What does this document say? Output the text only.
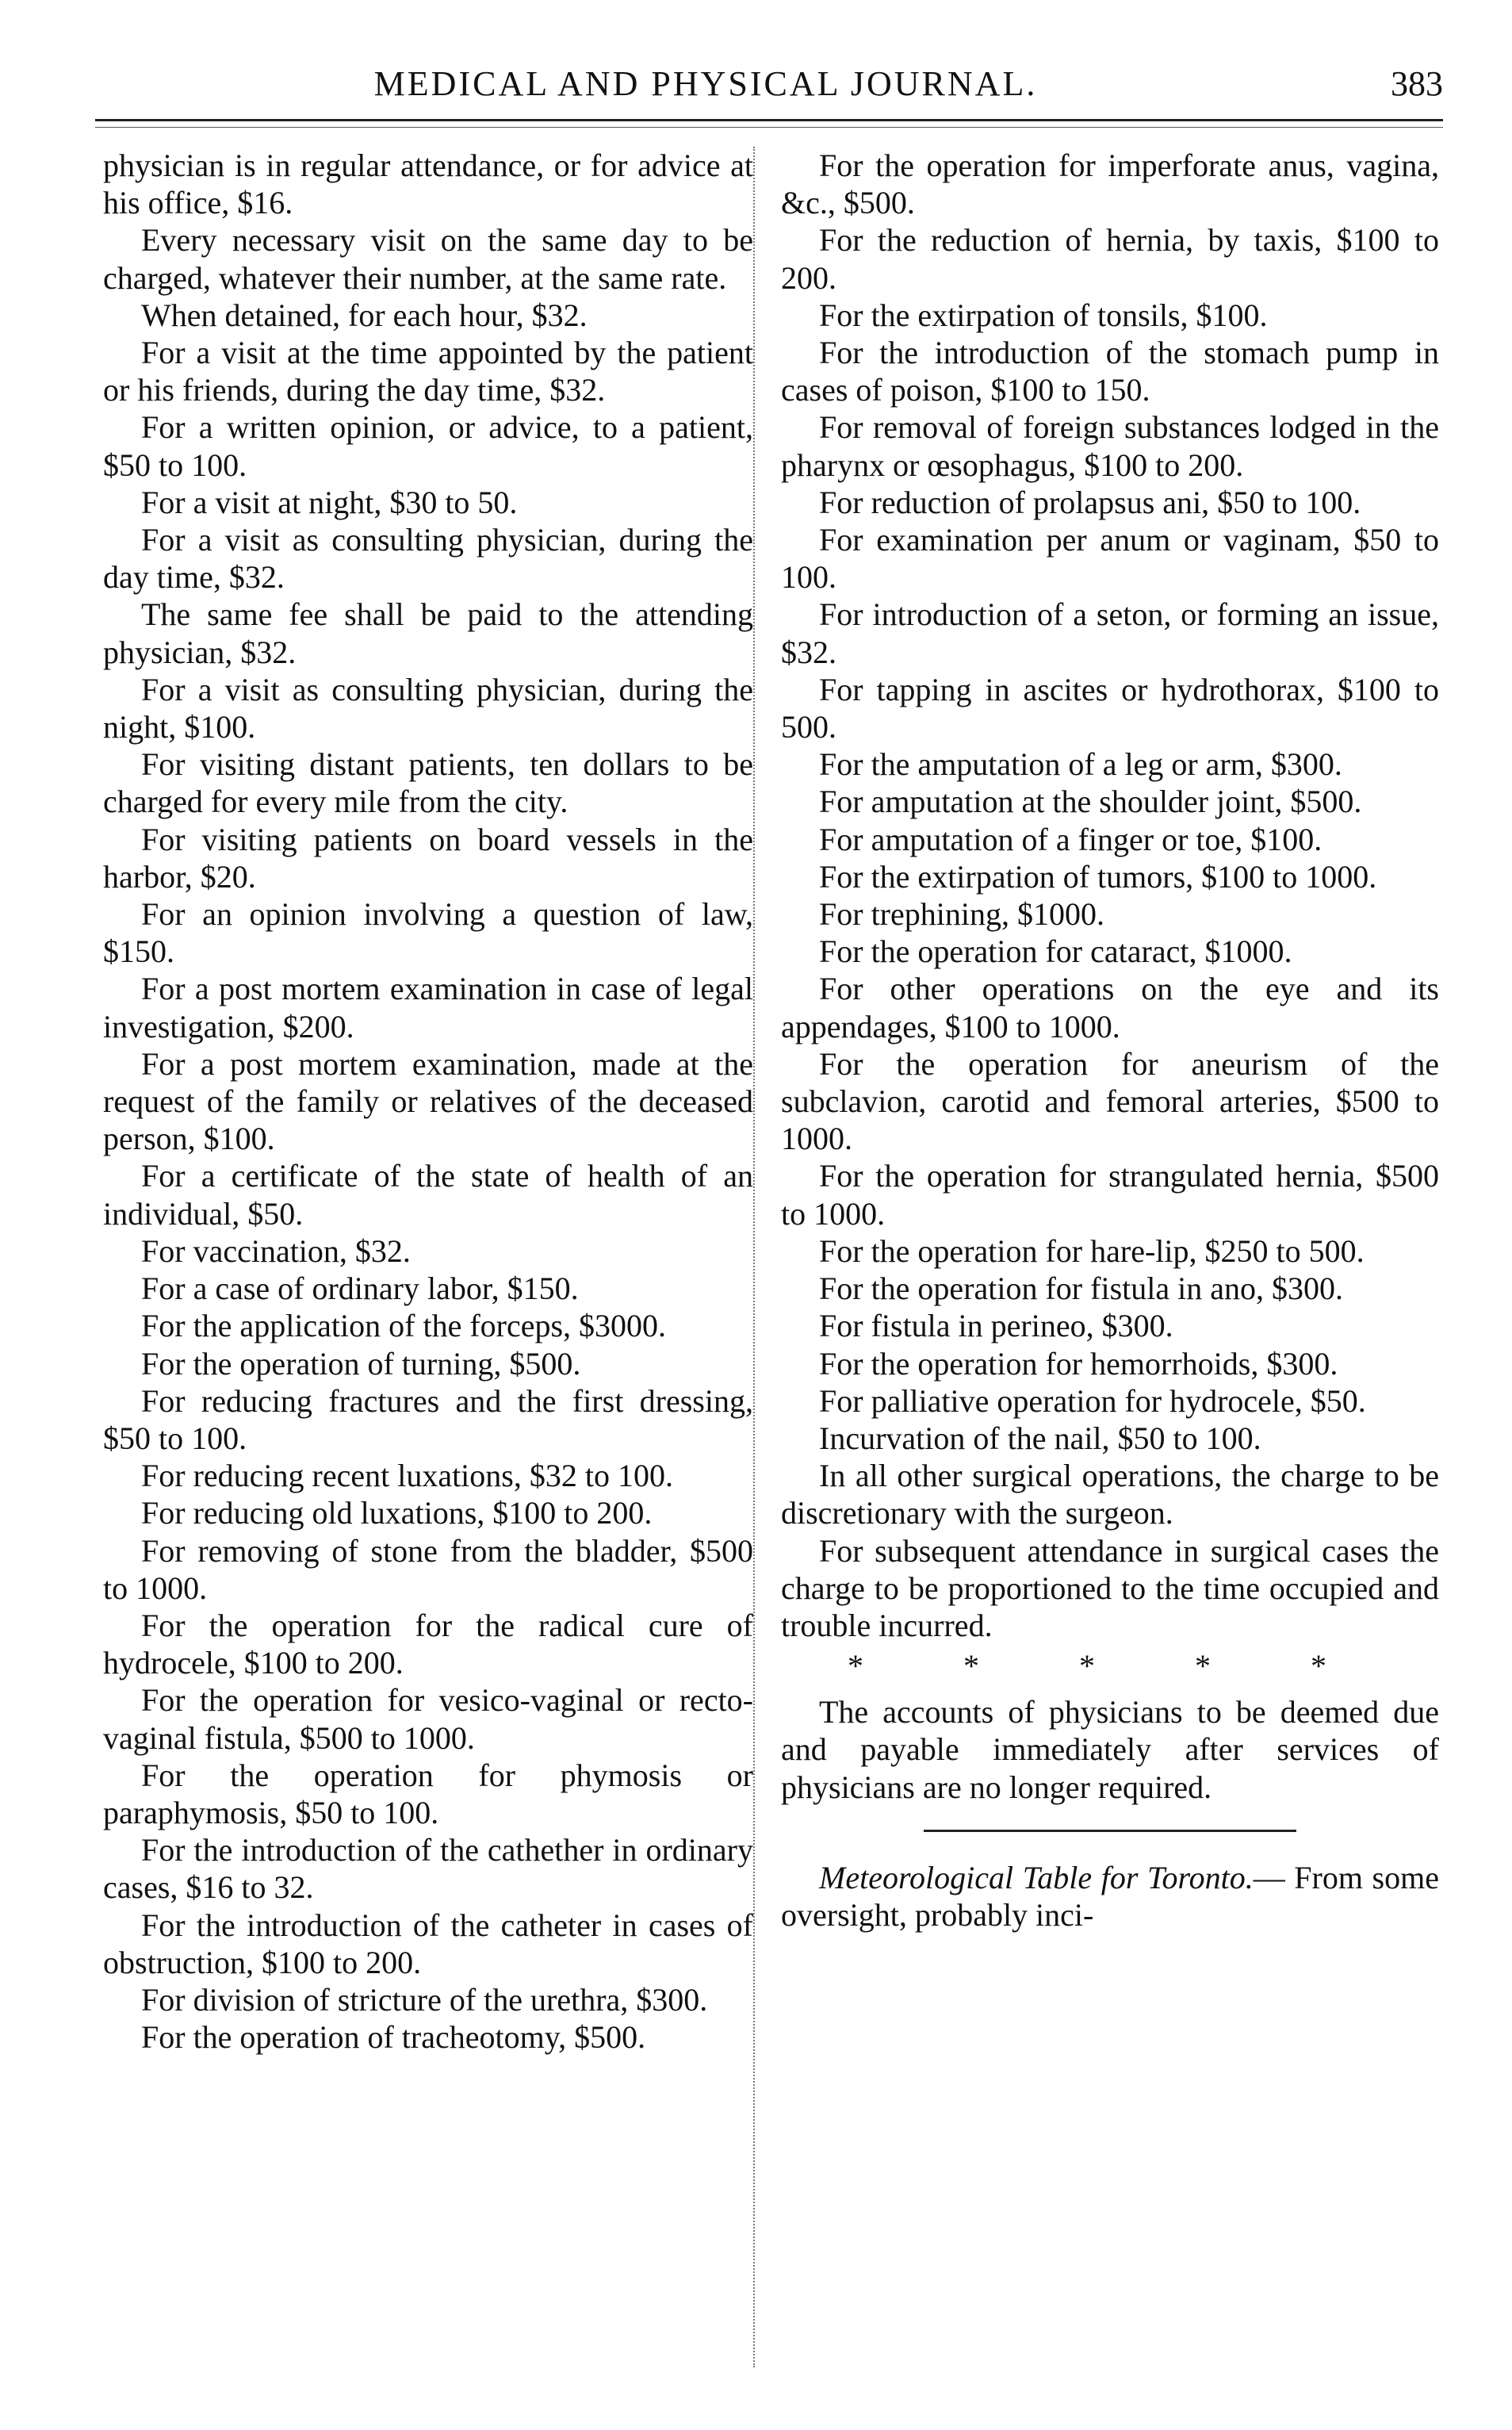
MEDICAL AND PHYSICAL JOURNAL.	383

physician is in regular attendance, or for advice at his office, $16.

Every necessary visit on the same day to be charged, whatever their number, at the same rate.

When detained, for each hour, $32.

For a visit at the time appointed by the patient or his friends, during the day time, $32.

For a written opinion, or advice, to a patient, $50 to 100.

For a visit at night, $30 to 50.

For a visit as consulting physician, during the day time, $32.

The same fee shall be paid to the attending physician, $32.

For a visit as consulting physician, during the night, $100.

For visiting distant patients, ten dollars to be charged for every mile from the city.

For visiting patients on board vessels in the harbor, $20.

For an opinion involving a question of law, $150.

For a post mortem examination in case of legal investigation, $200.

For a post mortem examination, made at the request of the family or relatives of the deceased person, $100.

For a certificate of the state of health of an individual, $50.

For vaccination, $32.

For a case of ordinary labor, $150.

For the application of the forceps, $3000.

For the operation of turning, $500.

For reducing fractures and the first dressing, $50 to 100.

For reducing recent luxations, $32 to 100.

For reducing old luxations, $100 to 200.

For removing of stone from the bladder, $500 to 1000.

For the operation for the radical cure of hydrocele, $100 to 200.

For the operation for vesico-vaginal or recto-vaginal fistula, $500 to 1000.

For the operation for phymosis or paraphymosis, $50 to 100.

For the introduction of the cathether in ordinary cases, $16 to 32.

For the introduction of the catheter in cases of obstruction, $100 to 200.

For division of stricture of the urethra, $300.

For the operation of tracheotomy, $500.

For the operation for imperforate anus, vagina, &c., $500.

For the reduction of hernia, by taxis, $100 to 200.

For the extirpation of tonsils, $100.

For the introduction of the stomach pump in cases of poison, $100 to 150.

For removal of foreign substances lodged in the pharynx or œsophagus, $100 to 200.

For reduction of prolapsus ani, $50 to 100.

For examination per anum or vaginam, $50 to 100.

For introduction of a seton, or forming an issue, $32.

For tapping in ascites or hydrothorax, $100 to 500.

For the amputation of a leg or arm, $300.

For amputation at the shoulder joint, $500.

For amputation of a finger or toe, $100.

For the extirpation of tumors, $100 to 1000.

For trephining, $1000.

For the operation for cataract, $1000.

For other operations on the eye and its appendages, $100 to 1000.

For the operation for aneurism of the subclavion, carotid and femoral arteries, $500 to 1000.

For the operation for strangulated hernia, $500 to 1000.

For the operation for hare-lip, $250 to 500.

For the operation for fistula in ano, $300.

For fistula in perineo, $300.

For the operation for hemorrhoids, $300.

For palliative operation for hydrocele, $50.

Incurvation of the nail, $50 to 100.

In all other surgical operations, the charge to be discretionary with the surgeon.

For subsequent attendance in surgical cases the charge to be proportioned to the time occupied and trouble incurred.

* * * * *

The accounts of physicians to be deemed due and payable immediately after services of physicians are no longer required.

Meteorological Table for Toronto.— From some oversight, probably inci-
